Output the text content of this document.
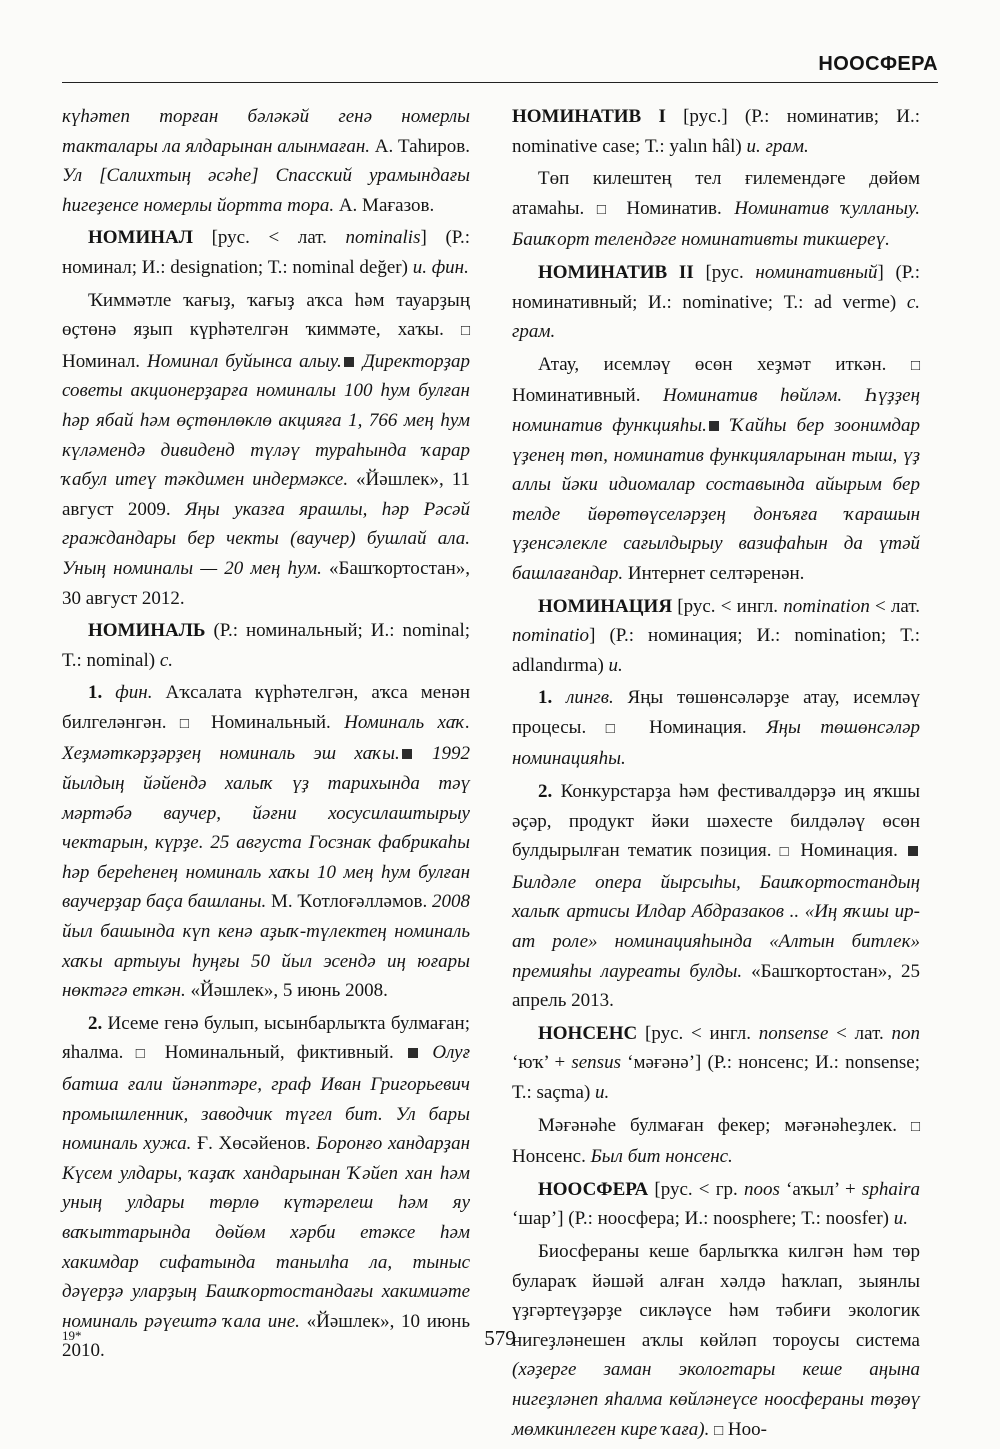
НООСФЕРА

күһәтеп торған бәләкәй генә номерлы такталары ла ялдарынан алынмаған. А. Таһиров. Ул [Салихтың әсәһе] Спасский урамындағы һигеҙенсе номерлы йортта тора. А. Мағазов.

НОМИНАЛ [рус. < лат. nominalis] (Р.: номинал; И.: designation; Т.: nominal değer) и. фин.

Ҡиммәтле ҡағыҙ, ҡағыҙ аҡса һәм тауарҙың өҫтөнә яҙып күрһәтелгән ҡиммәте, хаҡы. □ Номинал. Номинал буйынса алыу. Директорҙар советы акционерҙарға номиналы 100 һум булған һәр ябай һәм өҫтөнлөклө акцияға 1, 766 мең һум күләмендә дивиденд түләү тураһында ҡарар ҡабул итеү тәкдимен индермәксе. «Йәшлек», 11 август 2009. Яңы указға ярашлы, һәр Рәсәй граждандары бер чекты (ваучер) бушлай ала. Уның номиналы — 20 мең һум. «Башҡортостан», 30 август 2012.

НОМИНАЛЬ (Р.: номинальный; И.: nominal; Т.: nominal) с.

1. фин. Аҡсалата күрһәтелгән, аҡса менән билгеләнгән. □ Номинальный. Номиналь хаҡ. Хеҙмәткәрҙәрҙең номиналь эш хаҡы. 1992 йылдың йәйендә халыҡ үҙ тарихында тәү мәртәбә ваучер, йәғни хосусилаштырыу чектарын, күрҙе. 25 августа Госзнак фабрикаһы һәр береһенең номиналь хаҡы 10 мең һум булған ваучерҙар баҫа башланы. М. Ҡотлоғәлләмов. 2008 йыл башында күп кенә аҙыҡ-түлектең номиналь хаҡы артыуы һуңғы 50 йыл эсендә иң юғары нөктәгә еткән. «Йәшлек», 5 июнь 2008.

2. Исеме генә булып, ысынбарлыҡта булмаған; яһалма. □ Номинальный, фиктивный.  Олуғ батша ғали йәнәптәре, граф Иван Григорьевич промышленник, заводчик түгел бит. Ул бары номиналь хужа. Ғ. Хөсәйенов. Боронғо хандарҙан Күсем улдары, ҡаҙаҡ хандарынан Ҡәйеп хан һәм уның улдары төрлө күтәрелеш һәм яу ваҡыттарында дөйөм хәрби етәксе һәм хакимдар сифатында танылһа ла, тыныс дәүерҙә уларҙың Башҡортостандағы хакимиәте номиналь рәүештә ҡала ине. «Йәшлек», 10 июнь 2010.

НОМИНАТИВ I [рус.] (Р.: номинатив; И.: nominative case; Т.: yalın hâl) и. грам.

Төп килештең тел ғилемендәге дөйөм атамаһы. □ Номинатив. Номинатив ҡулланыу. Башҡорт телендәге номинативты тикшереү.

НОМИНАТИВ II [рус. номинативный] (Р.: номинативный; И.: nominative; Т.: ad verme) с. грам.

Атау, исемләү өсөн хеҙмәт иткән. □ Номинативный. Номинатив һөйләм. Һүҙҙең номинатив функцияһы. Ҡайһы бер зоонимдар үҙенең төп, номинатив функцияларынан тыш, үҙ аллы йәки идиомалар составында айырым бер телде йөрөтөүселәрҙең донъяға ҡарашын үҙенсәлекле сағылдырыу вазифаһын да үтәй башлағандар. Интернет селтәренән.

НОМИНАЦИЯ [рус. < ингл. nomination < лат. nominatio] (Р.: номинация; И.: nomination; Т.: adlandırma) и.

1. лингв. Яңы төшөнсәләрҙе атау, исемләү процесы. □ Номинация. Яңы төшөнсәләр номинацияһы.

2. Конкурстарҙа һәм фестивалдәрҙә иң яҡшы әҫәр, продукт йәки шәхесте билдәләү өсөн булдырылған тематик позиция. □ Номинация.  Билдәле опера йырсыһы, Башҡортостандың халыҡ артисы Илдар Абдразаков .. «Иң яҡшы ир-ат роле» номинацияһында «Алтын битлек» премияһы лауреаты булды. «Башҡортостан», 25 апрель 2013.

НОНСЕНС [рус. < ингл. nonsense < лат. non ‘юҡ’ + sensus ‘мәғәнә’] (Р.: нонсенс; И.: nonsense; Т.: saçma) и.

Мәғәнәһе булмаған фекер; мәғәнәһеҙлек. □ Нонсенс. Был бит нонсенс.

НООСФЕРА [рус. < гр. noos ‘аҡыл’ + sphaira ‘шар’] (Р.: ноосфера; И.: noosphere; Т.: noosfer) и.

Биосфераны кеше барлыҡҡа килгән һәм төр булараҡ йәшәй алған хәлдә һаҡлап, зыянлы үҙгәртеүҙәрҙе сикләүсе һәм тәбиғи экологик нигеҙләнешен аҡлы көйләп тороусы система (хәҙерге заман экологтары кеше аңына нигеҙләнеп яһалма көйләнеүсе ноосфераны төҙөү мөмкинлеген кире ҡаға). □ Ноо-

19*	579
